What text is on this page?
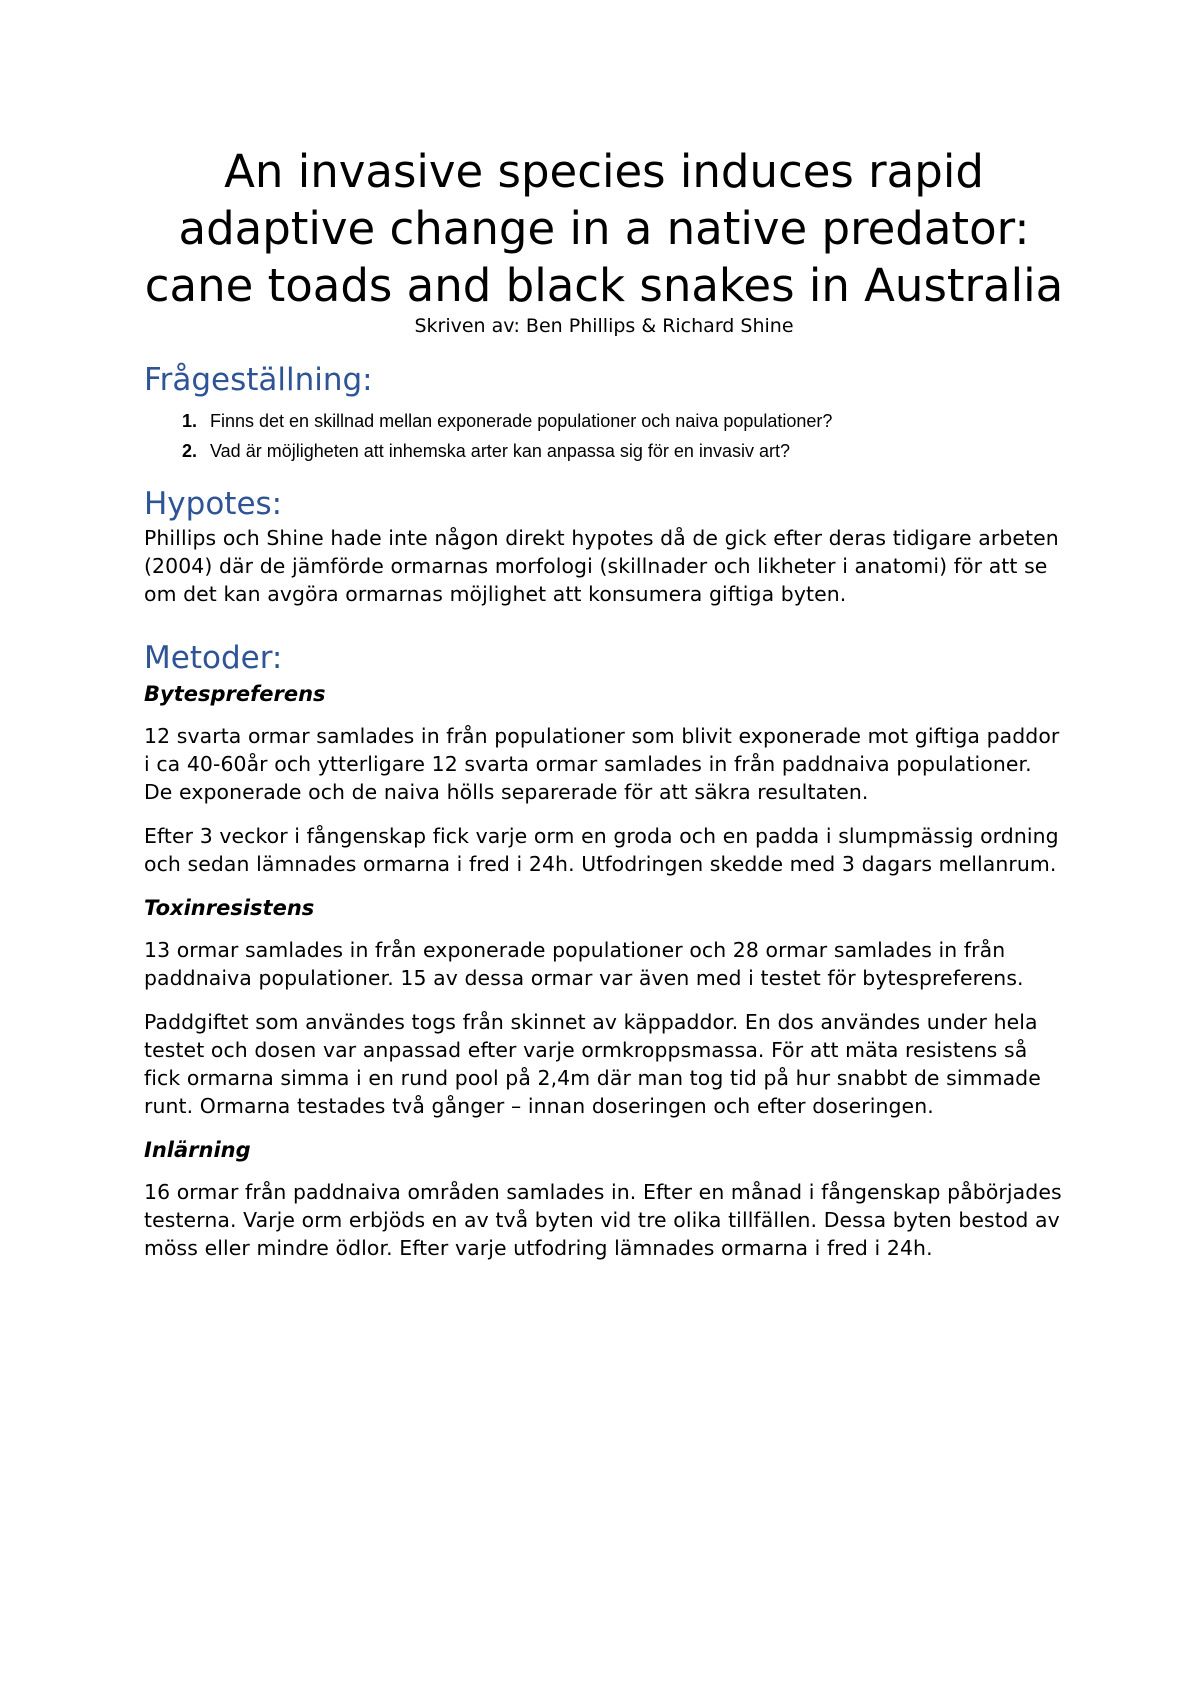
An invasive species induces rapid adaptive change in a native predator: cane toads and black snakes in Australia

Skriven av: Ben Phillips & Richard Shine

Frågeställning:
1. Finns det en skillnad mellan exponerade populationer och naiva populationer?
2. Vad är möjligheten att inhemska arter kan anpassa sig för en invasiv art?
Hypotes:

Phillips och Shine hade inte någon direkt hypotes då de gick efter deras tidigare arbeten (2004) där de jämförde ormarnas morfologi (skillnader och likheter i anatomi) för att se om det kan avgöra ormarnas möjlighet att konsumera giftiga byten.

Metoder:
Bytespreferens

12 svarta ormar samlades in från populationer som blivit exponerade mot giftiga paddor i ca 40-60år och ytterligare 12 svarta ormar samlades in från paddnaiva populationer. De exponerade och de naiva hölls separerade för att säkra resultaten.

Efter 3 veckor i fångenskap fick varje orm en groda och en padda i slumpmässig ordning och sedan lämnades ormarna i fred i 24h. Utfodringen skedde med 3 dagars mellanrum.

Toxinresistens

13 ormar samlades in från exponerade populationer och 28 ormar samlades in från paddnaiva populationer. 15 av dessa ormar var även med i testet för bytespreferens.

Paddgiftet som användes togs från skinnet av käppaddor. En dos användes under hela testet och dosen var anpassad efter varje ormkroppsmassa. För att mäta resistens så fick ormarna simma i en rund pool på 2,4m där man tog tid på hur snabbt de simmade runt. Ormarna testades två gånger – innan doseringen och efter doseringen.

Inlärning

16 ormar från paddnaiva områden samlades in. Efter en månad i fångenskap påbörjades testerna. Varje orm erbjöds en av två byten vid tre olika tillfällen. Dessa byten bestod av möss eller mindre ödlor. Efter varje utfodring lämnades ormarna i fred i 24h.
